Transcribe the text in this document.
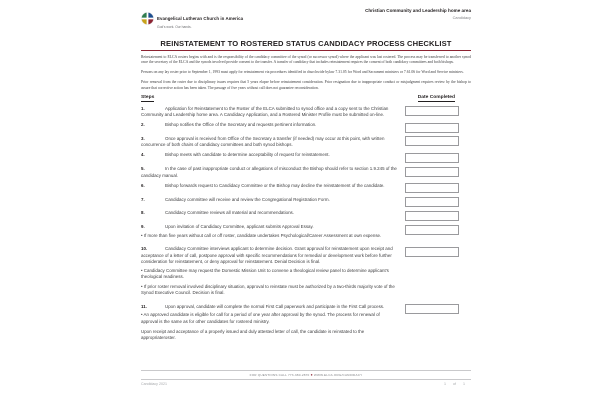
Evangelical Lutheran Church in America
God's work. Our hands.
Christian Community and Leadership home area
Candidacy
REINSTATEMENT TO ROSTERED STATUS CANDIDACY PROCESS CHECKLIST

Reinstatement to ELCA rosters begins with and is the responsibility of the candidacy committee of the synod (or successor synod) where the applicant was last rostered. The process may be transferred to another synod once the secretary of the ELCA and the synods involved provide consent to the transfer. A transfer of candidacy that includes reinstatement requires the consent of both candidacy committees and both bishops.

Persons on any lay roster prior to September 1, 1993 must apply for reinstatement via procedures identified in churchwide bylaw 7.31.05 for Word and Sacrament ministers or 7.61.06 for Word and Service ministers.

Prior removal from the roster due to disciplinary issues requires that 5 years elapse before reinstatement consideration. Prior resignation due to inappropriate conduct or misjudgment requires review by the bishop to assure that corrective action has been taken. The passage of five years without call does not guarantee reconsideration.

Steps	Date Completed
1.	Application for Reinstatement to the Roster of the ELCA submitted to synod office and a copy sent to the Christian Community and Leadership home area. A Candidacy Application, and a Rostered Minister Profile must be submitted on-line.
2.	Bishop notifies the Office of the Secretary and requests pertinent information.
3.	Once approval is received from Office of the Secretary a transfer (if needed) may occur at this point, with written concurrence of both chairs of candidacy committees and both synod bishops.
4.	Bishop meets with candidate to determine acceptability of request for reinstatement.
5.	In the case of past inappropriate conduct or allegations of misconduct the Bishop should refer to section 1.9.245 of the candidacy manual.
6.	Bishop forwards request to Candidacy Committee or the Bishop may decline the reinstatement of the candidate.
7.	Candidacy committee will receive and review the Congregational Registration Form.
8.	Candidacy Committee reviews all material and recommendations.
9.	Upon invitation of Candidacy Committee, applicant submits Approval Essay.
• If more than five years without call or off roster, candidate undertakes Psychological/Career Assessment at own expense.
10.	Candidacy Committee interviews applicant to determine decision. Grant approval for reinstatement upon receipt and acceptance of a letter of call, postpone approval with specific recommendations for remedial or development work before further consideration for reinstatement, or deny approval for reinstatement. Denial Decision is final.
• Candidacy Committee may request the Domestic Mission Unit to convene a theological review panel to determine applicant's theological readiness.
• If prior roster removal involved disciplinary situation, approval to reinstate must be authorized by a two-thirds majority vote of the Synod Executive Council. Decision is final.
11.	Upon approval, candidate will complete the normal First Call paperwork and participate in the First Call process.
• An approved candidate is eligible for call for a period of one year after approval by the synod. The process for renewal of approval is the same as for other candidates for rostered ministry.
Upon receipt and acceptance of a properly issued and duly attested letter of call, the candidate is reinstated to the appropriateroster.
FOR QUESTIONS CALL 773-380-2870 ● WWW.ELCA.ORG/CANDIDACY
Candidacy 2021	1 of 1
